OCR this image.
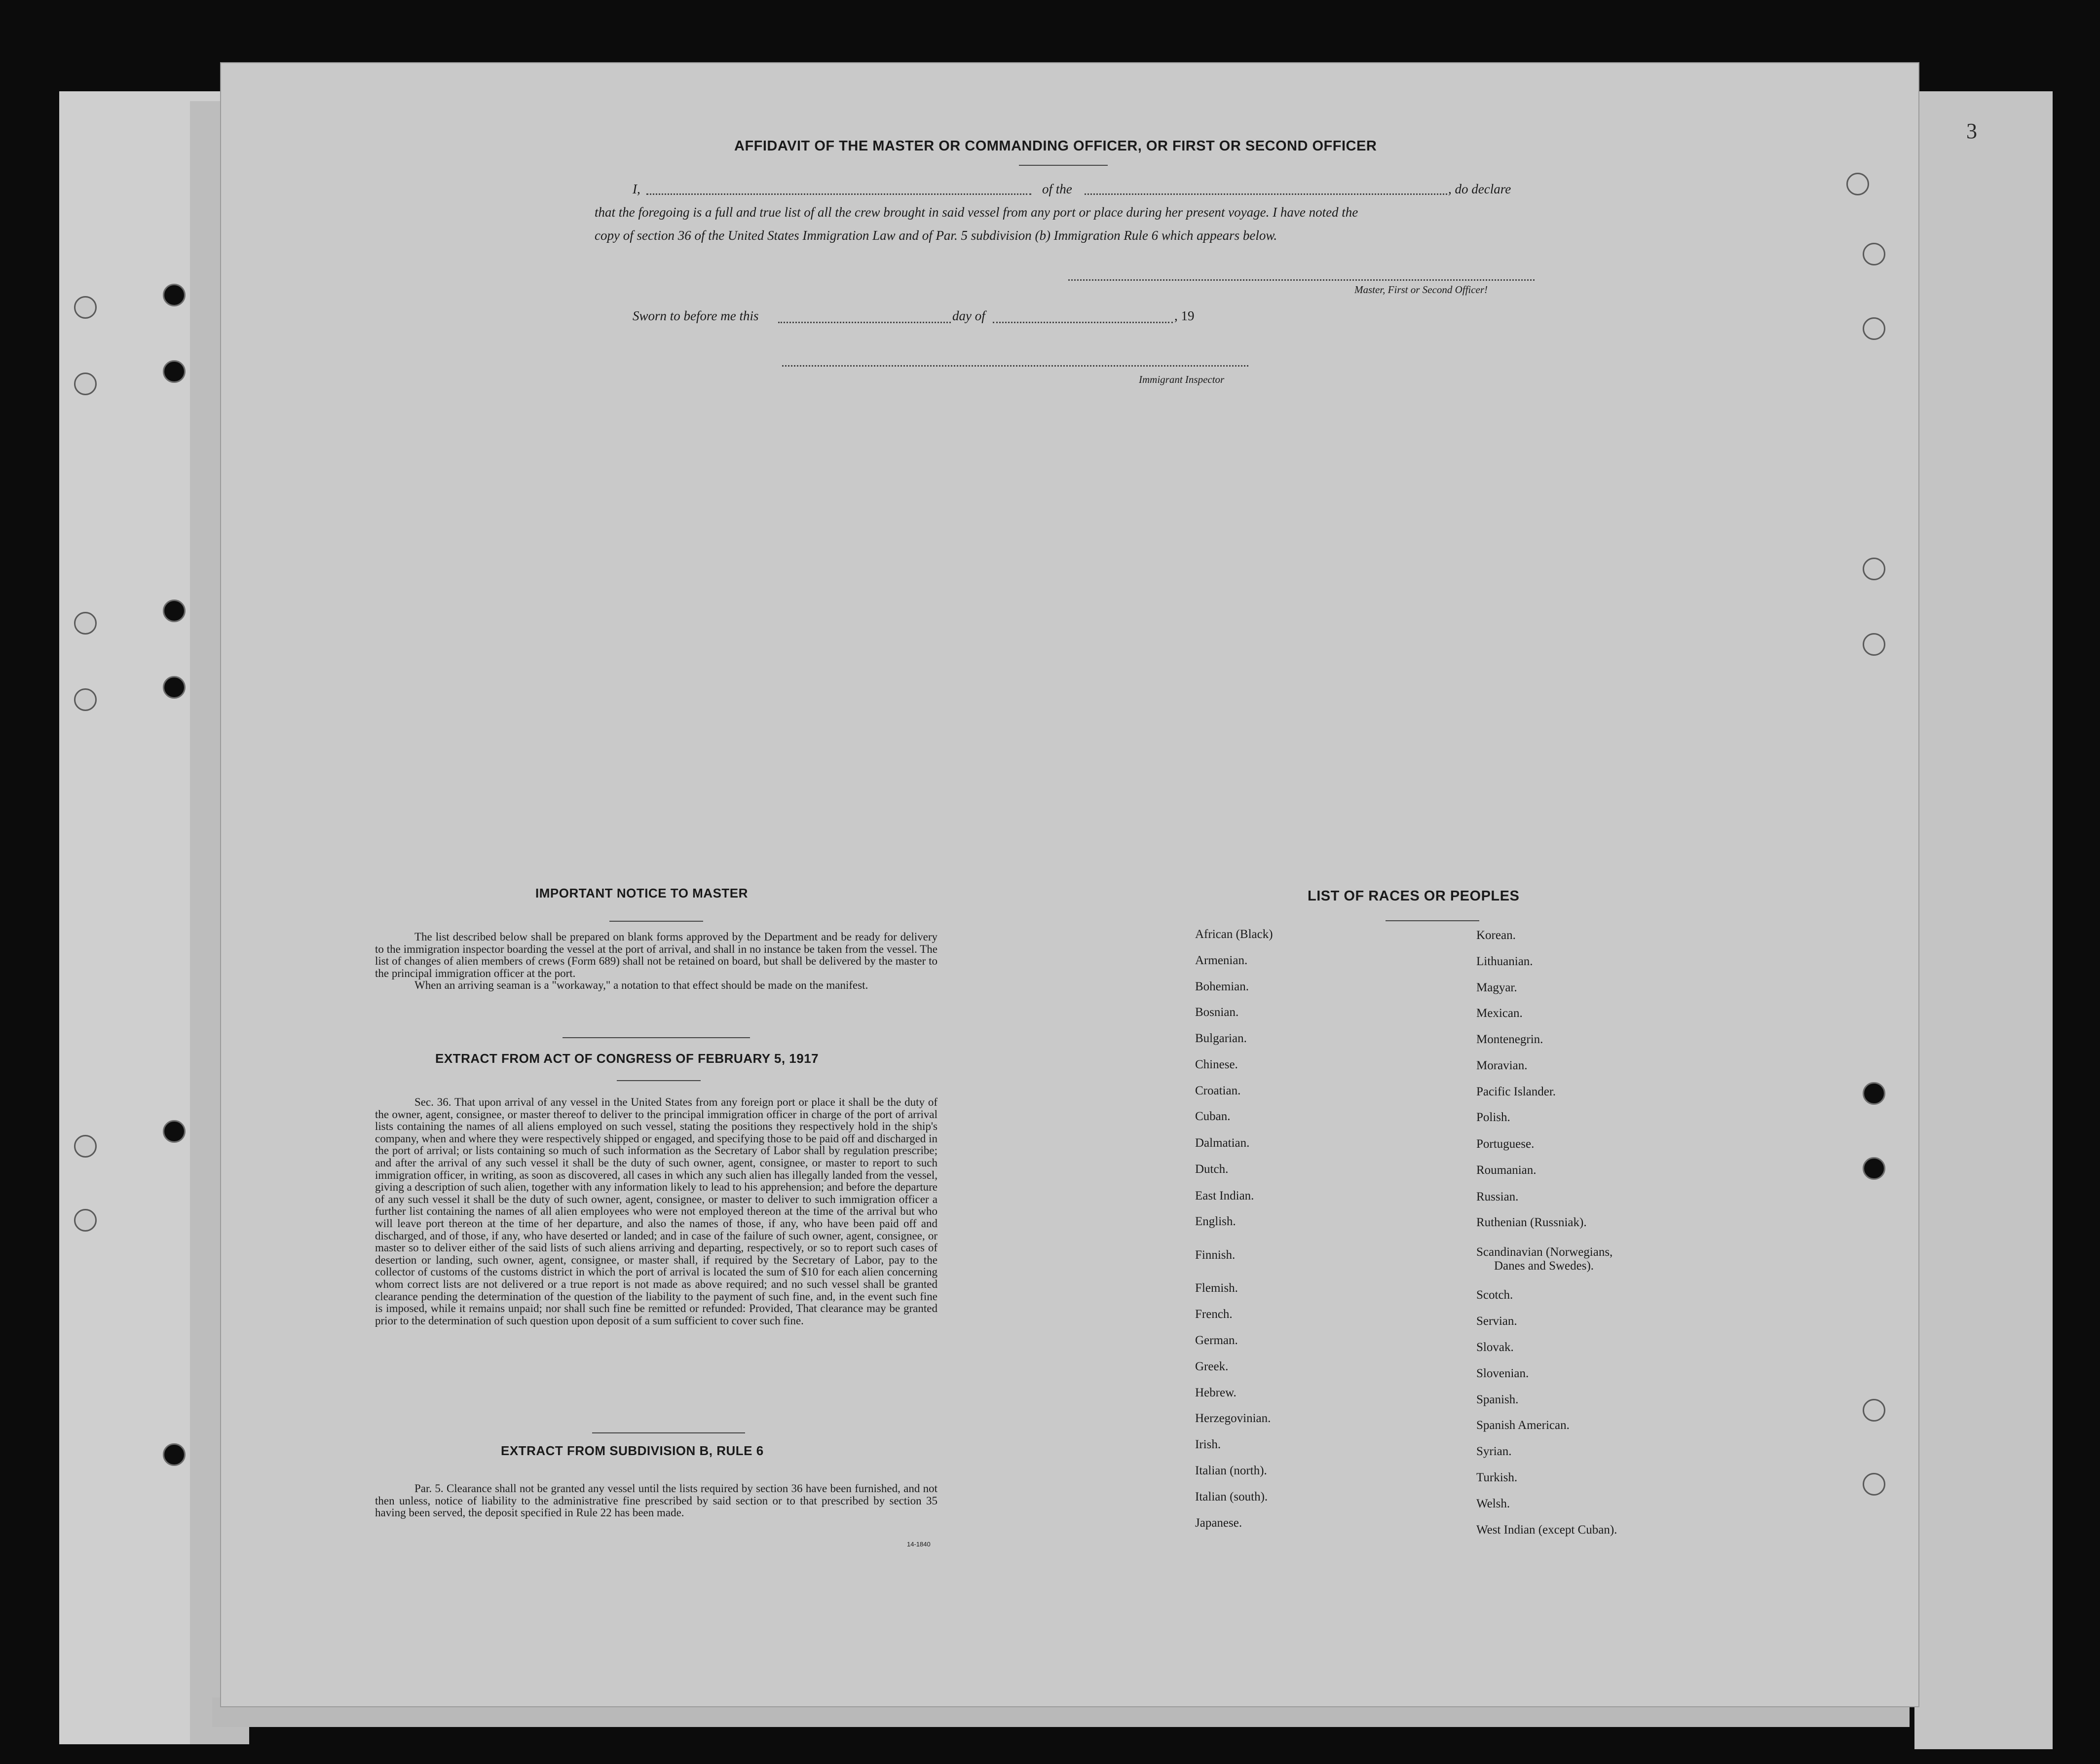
3
AFFIDAVIT OF THE MASTER OR COMMANDING OFFICER, OR FIRST OR SECOND OFFICER
I,	of the	, do declare
that the foregoing is a full and true list of all the crew brought in said vessel from any port or place during her present voyage. I have noted the
copy of section 36 of the United States Immigration Law and of Par. 5 subdivision (b) Immigration Rule 6 which appears below.
Master, First or Second Officer!
Sworn to before me this	day of	, 19
Immigrant Inspector
IMPORTANT NOTICE TO MASTER

The list described below shall be prepared on blank forms approved by the Department and be ready for delivery to the immigration inspector boarding the vessel at the port of arrival, and shall in no instance be taken from the vessel. The list of changes of alien members of crews (Form 689) shall not be retained on board, but shall be delivered by the master to the principal immigration officer at the port.

When an arriving seaman is a "workaway," a notation to that effect should be made on the manifest.

EXTRACT FROM ACT OF CONGRESS OF FEBRUARY 5, 1917

Sec. 36. That upon arrival of any vessel in the United States from any foreign port or place it shall be the duty of the owner, agent, consignee, or master thereof to deliver to the principal immigration officer in charge of the port of arrival lists containing the names of all aliens employed on such vessel, stating the positions they respectively hold in the ship's company, when and where they were respectively shipped or engaged, and specifying those to be paid off and discharged in the port of arrival; or lists containing so much of such information as the Secretary of Labor shall by regulation prescribe; and after the arrival of any such vessel it shall be the duty of such owner, agent, consignee, or master to report to such immigration officer, in writing, as soon as discovered, all cases in which any such alien has illegally landed from the vessel, giving a description of such alien, together with any information likely to lead to his apprehension; and before the departure of any such vessel it shall be the duty of such owner, agent, consignee, or master to deliver to such immigration officer a further list containing the names of all alien employees who were not employed thereon at the time of the arrival but who will leave port thereon at the time of her departure, and also the names of those, if any, who have been paid off and discharged, and of those, if any, who have deserted or landed; and in case of the failure of such owner, agent, consignee, or master so to deliver either of the said lists of such aliens arriving and departing, respectively, or so to report such cases of desertion or landing, such owner, agent, consignee, or master shall, if required by the Secretary of Labor, pay to the collector of customs of the customs district in which the port of arrival is located the sum of $10 for each alien concerning whom correct lists are not delivered or a true report is not made as above required; and no such vessel shall be granted clearance pending the determination of the question of the liability to the payment of such fine, and, in the event such fine is imposed, while it remains unpaid; nor shall such fine be remitted or refunded: Provided, That clearance may be granted prior to the determination of such question upon deposit of a sum sufficient to cover such fine.

EXTRACT FROM SUBDIVISION B, RULE 6

Par. 5. Clearance shall not be granted any vessel until the lists required by section 36 have been furnished, and not then unless, notice of liability to the administrative fine prescribed by said section or to that prescribed by section 35 having been served, the deposit specified in Rule 22 has been made.

14-1840
LIST OF RACES OR PEOPLES
African (Black)
Armenian.
Bohemian.
Bosnian.
Bulgarian.
Chinese.
Croatian.
Cuban.
Dalmatian.
Dutch.
East Indian.
English.
Finnish.
Flemish.
French.
German.
Greek.
Hebrew.
Herzegovinian.
Irish.
Italian (north).
Italian (south).
Japanese.
Korean.
Lithuanian.
Magyar.
Mexican.
Montenegrin.
Moravian.
Pacific Islander.
Polish.
Portuguese.
Roumanian.
Russian.
Ruthenian (Russniak).
Scandinavian (Norwegians,
Danes and Swedes).
Scotch.
Servian.
Slovak.
Slovenian.
Spanish.
Spanish American.
Syrian.
Turkish.
Welsh.
West Indian (except Cuban).
